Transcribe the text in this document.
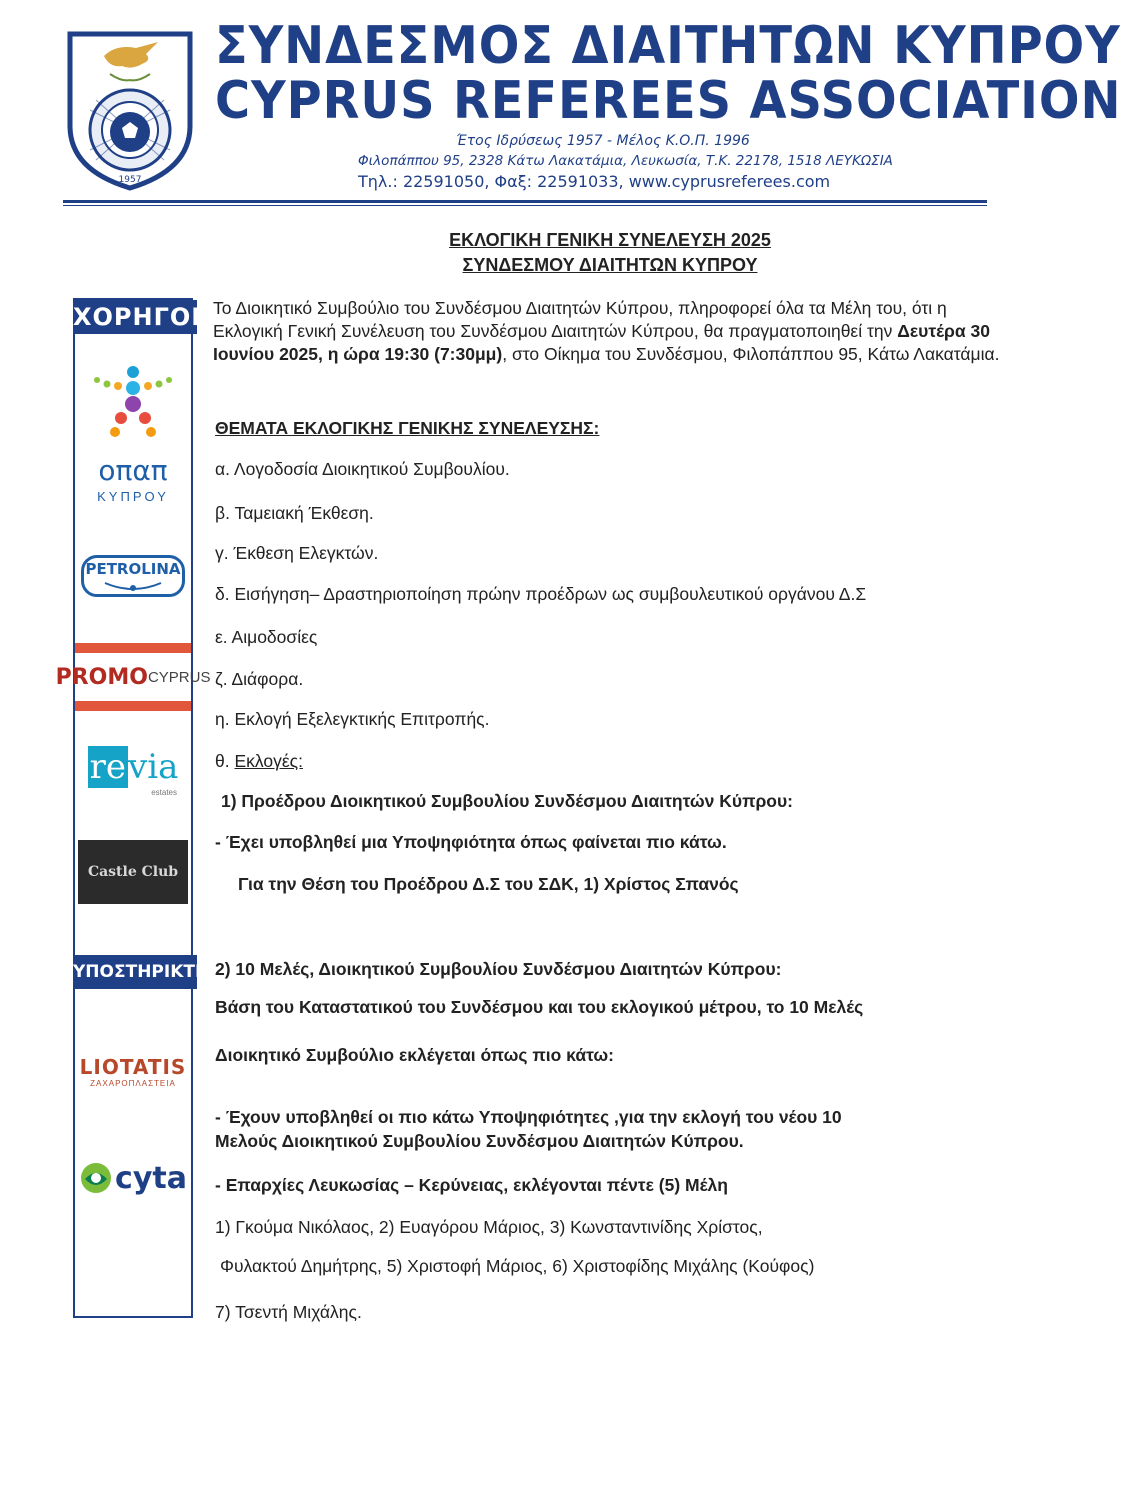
1957
ΣΥΝΔΕΣΜΟΣ ΔΙΑΙΤΗΤΩΝ ΚΥΠΡΟΥ
CYPRUS REFEREES ASSOCIATION
Έτος Ιδρύσεως 1957 - Μέλος Κ.Ο.Π. 1996
Φιλοπάππου 95, 2328 Κάτω Λακατάμια, Λευκωσία, Τ.Κ. 22178, 1518 ΛΕΥΚΩΣΙΑ
Τηλ.: 22591050, Φαξ: 22591033, www.cyprusreferees.com
ΕΚΛΟΓΙΚΗ ΓΕΝΙΚΗ ΣΥΝΕΛΕΥΣΗ 2025
ΣΥΝΔΕΣΜΟΥ ΔΙΑΙΤΗΤΩΝ ΚΥΠΡΟΥ
ΧΟΡΗΓΟΙ
οπαπ
ΚΥΠΡΟΥ
PETROLINA
PROMO CYPRUS
re via
estates
Castle Club
ΥΠΟΣΤΗΡΙΚΤΕΣ
LIOTATIS
ΖΑΧΑΡΟΠΛΑΣΤΕΙΑ
cyta
Το Διοικητικό Συμβούλιο του Συνδέσμου Διαιτητών Κύπρου, πληροφορεί όλα τα Μέλη του, ότι η Εκλογική Γενική Συνέλευση του Συνδέσμου Διαιτητών Κύπρου, θα πραγματοποιηθεί την Δευτέρα 30 Ιουνίου 2025, η ώρα 19:30 (7:30μμ), στο Οίκημα του Συνδέσμου, Φιλοπάππου 95, Κάτω Λακατάμια.
ΘΕΜΑΤΑ ΕΚΛΟΓΙΚΗΣ ΓΕΝΙΚΗΣ ΣΥΝΕΛΕΥΣΗΣ:
α. Λογοδοσία Διοικητικού Συμβουλίου.
β. Ταμειακή Έκθεση.
γ. Έκθεση Ελεγκτών.
δ. Εισήγηση– Δραστηριοποίηση πρώην προέδρων ως συμβουλευτικού οργάνου Δ.Σ
ε. Αιμοδοσίες
ζ. Διάφορα.
η. Εκλογή Εξελεγκτικής Επιτροπής.
θ. Εκλογές:
1) Προέδρου Διοικητικού Συμβουλίου Συνδέσμου Διαιτητών Κύπρου:
- Έχει υποβληθεί μια Υποψηφιότητα όπως φαίνεται πιο κάτω.
Για την Θέση του Προέδρου Δ.Σ του ΣΔΚ, 1) Χρίστος Σπανός
2) 10 Μελές, Διοικητικού Συμβουλίου Συνδέσμου Διαιτητών Κύπρου:
Βάση του Καταστατικού του Συνδέσμου και του εκλογικού μέτρου, το 10 Μελές
Διοικητικό Συμβούλιο εκλέγεται όπως πιο κάτω:
- Έχουν υποβληθεί οι πιο κάτω Υποψηφιότητες ,για την εκλογή του νέου 10
Μελούς Διοικητικού Συμβουλίου Συνδέσμου Διαιτητών Κύπρου.
- Επαρχίες Λευκωσίας – Κερύνειας, εκλέγονται πέντε (5) Μέλη
1) Γκούμα Νικόλαος, 2) Ευαγόρου Μάριος, 3) Κωνσταντινίδης Χρίστος,
Φυλακτού Δημήτρης, 5) Χριστοφή Μάριος, 6) Χριστοφίδης Μιχάλης (Κούφος)
7) Τσεντή Μιχάλης.
